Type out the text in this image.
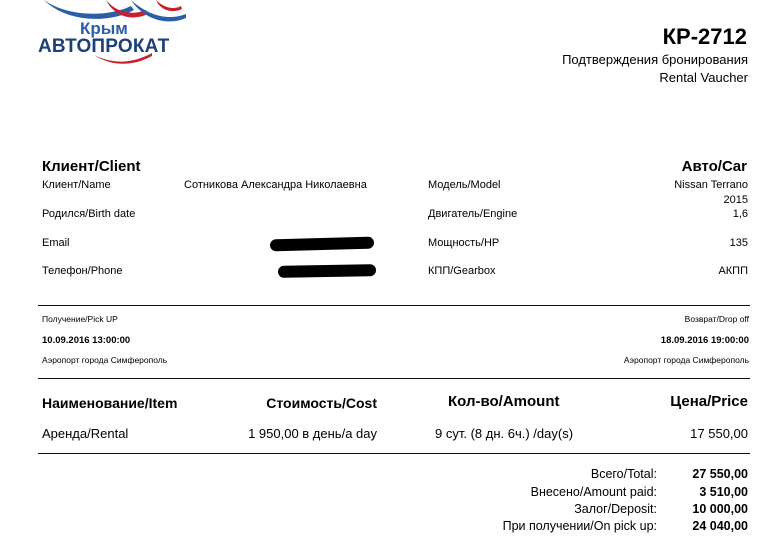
Крым
АВТОПРОКАТ	КР-2712
Подтверждения бронирования
Rental Vaucher
Клиент/Client
Клиент/Name	Сотникова Александра Николаевна
Родился/Birth date
Email
Телефон/Phone
Авто/Car
Модель/Model	Nissan Terrano
2015
Двигатель/Engine	1,6
Мощность/HP	135
КПП/Gearbox	АКПП
Получение/Pick UP
10.09.2016 13:00:00
Аэропорт города Симферополь
Возврат/Drop off
18.09.2016 19:00:00
Аэропорт города Симферополь
Наименование/Item	Стоимость/Cost	Кол-во/Amount	Цена/Price
Аренда/Rental	1 950,00 в день/a day	9 сут. (8 дн. 6ч.) /day(s)	17 550,00
Всего/Total:	27 550,00
Внесено/Amount paid:	3 510,00
Залог/Deposit:	10 000,00
При получении/On pick up:	24 040,00
